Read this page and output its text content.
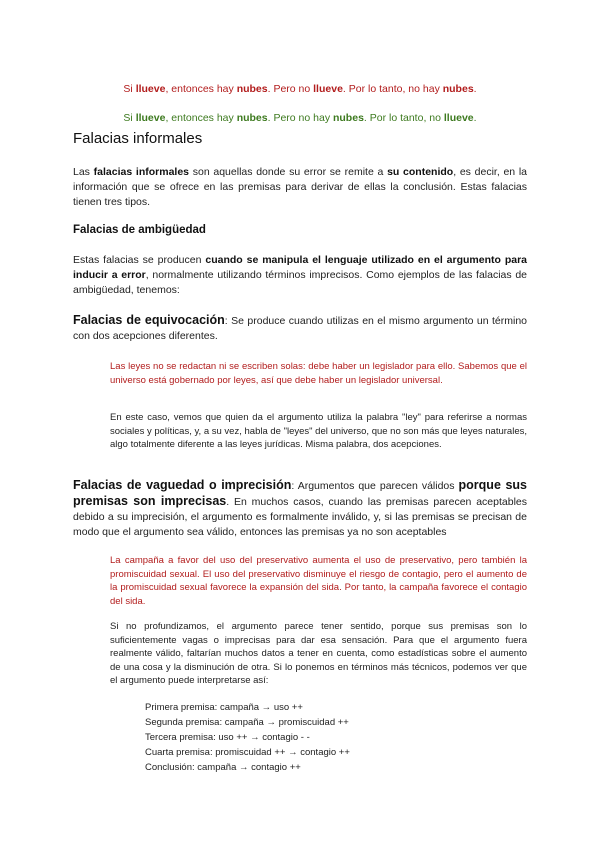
Si llueve, entonces hay nubes. Pero no llueve. Por lo tanto, no hay nubes.

Si llueve, entonces hay nubes. Pero no hay nubes. Por lo tanto, no llueve.

Falacias informales

Las falacias informales son aquellas donde su error se remite a su contenido, es decir, en la información que se ofrece en las premisas para derivar de ellas la conclusión. Estas falacias tienen tres tipos.

Falacias de ambigüedad

Estas falacias se producen cuando se manipula el lenguaje utilizado en el argumento para inducir a error, normalmente utilizando términos imprecisos. Como ejemplos de las falacias de ambigüedad, tenemos:

Falacias de equivocación: Se produce cuando utilizas en el mismo argumento un término con dos acepciones diferentes.

Las leyes no se redactan ni se escriben solas: debe haber un legislador para ello. Sabemos que el universo está gobernado por leyes, así que debe haber un legislador universal.

En este caso, vemos que quien da el argumento utiliza la palabra "ley" para referirse a normas sociales y políticas, y, a su vez, habla de "leyes" del universo, que no son más que leyes naturales, algo totalmente diferente a las leyes jurídicas. Misma palabra, dos acepciones.

Falacias de vaguedad o imprecisión: Argumentos que parecen válidos porque sus premisas son imprecisas. En muchos casos, cuando las premisas parecen aceptables debido a su imprecisión, el argumento es formalmente inválido, y, si las premisas se precisan de modo que el argumento sea válido, entonces las premisas ya no son aceptables

La campaña a favor del uso del preservativo aumenta el uso de preservativo, pero también la promiscuidad sexual. El uso del preservativo disminuye el riesgo de contagio, pero el aumento de la promiscuidad sexual favorece la expansión del sida. Por tanto, la campaña favorece el contagio del sida.

Si no profundizamos, el argumento parece tener sentido, porque sus premisas son lo suficientemente vagas o imprecisas para dar esa sensación. Para que el argumento fuera realmente válido, faltarían muchos datos a tener en cuenta, como estadísticas sobre el aumento de una cosa y la disminución de otra. Si lo ponemos en términos más técnicos, podemos ver que el argumento puede interpretarse así:

Primera premisa: campaña → uso ++
Segunda premisa: campaña → promiscuidad ++
Tercera premisa: uso ++ → contagio - -
Cuarta premisa: promiscuidad ++ → contagio ++
Conclusión: campaña → contagio ++
